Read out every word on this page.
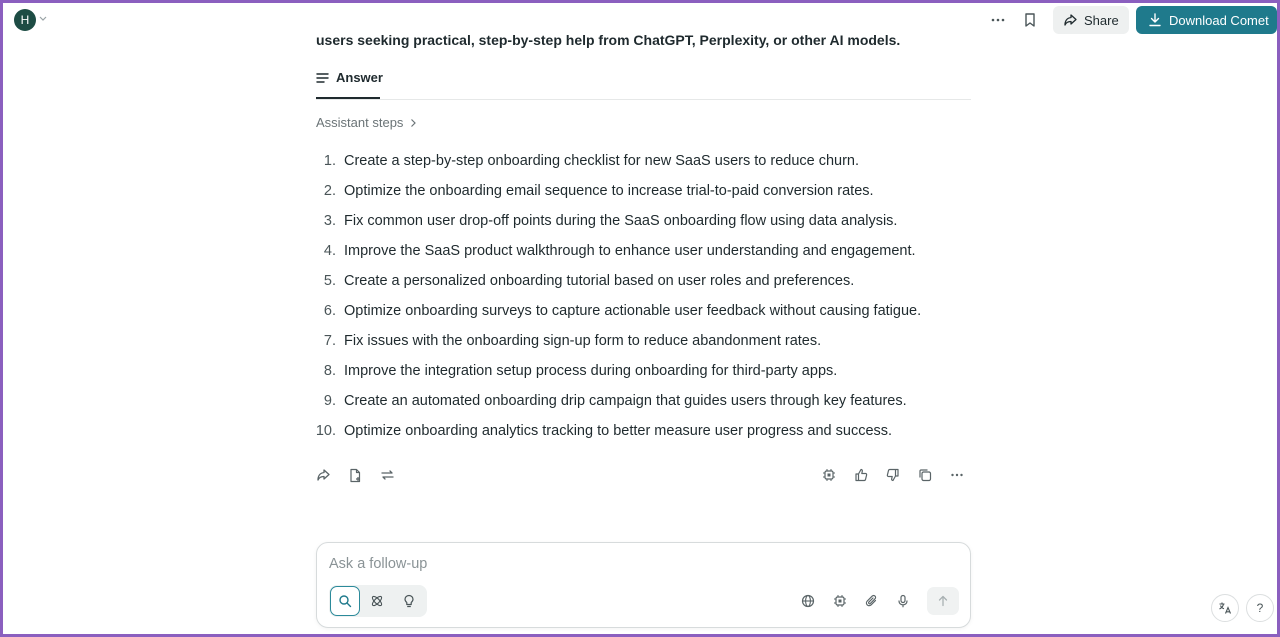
H	Share	Download Comet
users seeking practical, step-by-step help from ChatGPT, Perplexity, or other AI models.
Answer
Assistant steps
1. Create a step-by-step onboarding checklist for new SaaS users to reduce churn.
2. Optimize the onboarding email sequence to increase trial-to-paid conversion rates.
3. Fix common user drop-off points during the SaaS onboarding flow using data analysis.
4. Improve the SaaS product walkthrough to enhance user understanding and engagement.
5. Create a personalized onboarding tutorial based on user roles and preferences.
6. Optimize onboarding surveys to capture actionable user feedback without causing fatigue.
7. Fix issues with the onboarding sign-up form to reduce abandonment rates.
8. Improve the integration setup process during onboarding for third-party apps.
9. Create an automated onboarding drip campaign that guides users through key features.
10. Optimize onboarding analytics tracking to better measure user progress and success.
Ask a follow-up
?
